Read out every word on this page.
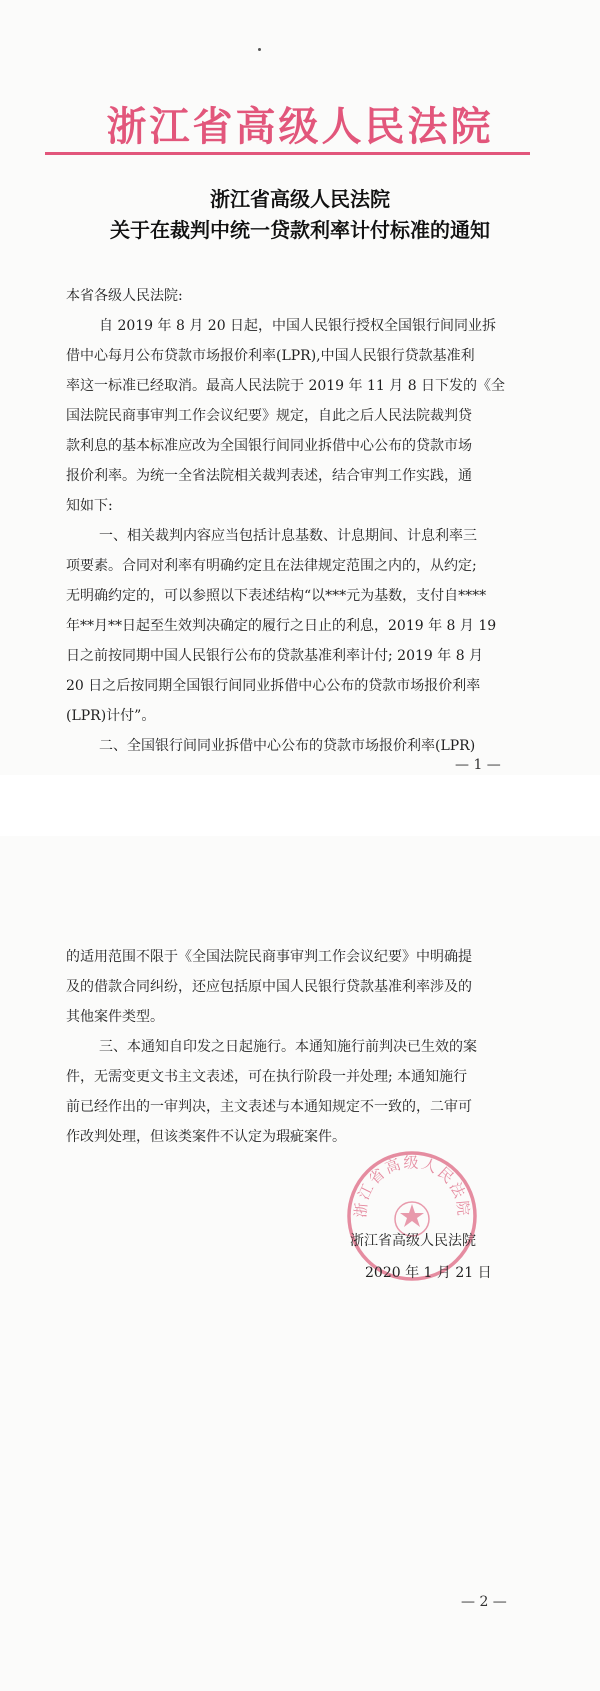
浙江省高级人民法院
浙江省高级人民法院
关于在裁判中统一贷款利率计付标准的通知
本省各级人民法院:
自 2019 年 8 月 20 日起，中国人民银行授权全国银行间同业拆
借中心每月公布贷款市场报价利率(LPR),中国人民银行贷款基准利
率这一标准已经取消。最高人民法院于 2019 年 11 月 8 日下发的《全
国法院民商事审判工作会议纪要》规定，自此之后人民法院裁判贷
款利息的基本标准应改为全国银行间同业拆借中心公布的贷款市场
报价利率。为统一全省法院相关裁判表述，结合审判工作实践，通
知如下:
一、相关裁判内容应当包括计息基数、计息期间、计息利率三
项要素。合同对利率有明确约定且在法律规定范围之内的，从约定;
无明确约定的，可以参照以下表述结构“以***元为基数，支付自****
年**月**日起至生效判决确定的履行之日止的利息，2019 年 8 月 19
日之前按同期中国人民银行公布的贷款基准利率计付; 2019 年 8 月
20 日之后按同期全国银行间同业拆借中心公布的贷款市场报价利率
(LPR)计付”。
二、全国银行间同业拆借中心公布的贷款市场报价利率(LPR)
— 1 —
的适用范围不限于《全国法院民商事审判工作会议纪要》中明确提
及的借款合同纠纷，还应包括原中国人民银行贷款基准利率涉及的
其他案件类型。
三、本通知自印发之日起施行。本通知施行前判决已生效的案
件，无需变更文书主文表述，可在执行阶段一并处理; 本通知施行
前已经作出的一审判决，主文表述与本通知规定不一致的，二审可
作改判处理，但该类案件不认定为瑕疵案件。
浙江省高级人民法院
浙江省高级人民法院
2020 年 1 月 21 日
— 2 —
